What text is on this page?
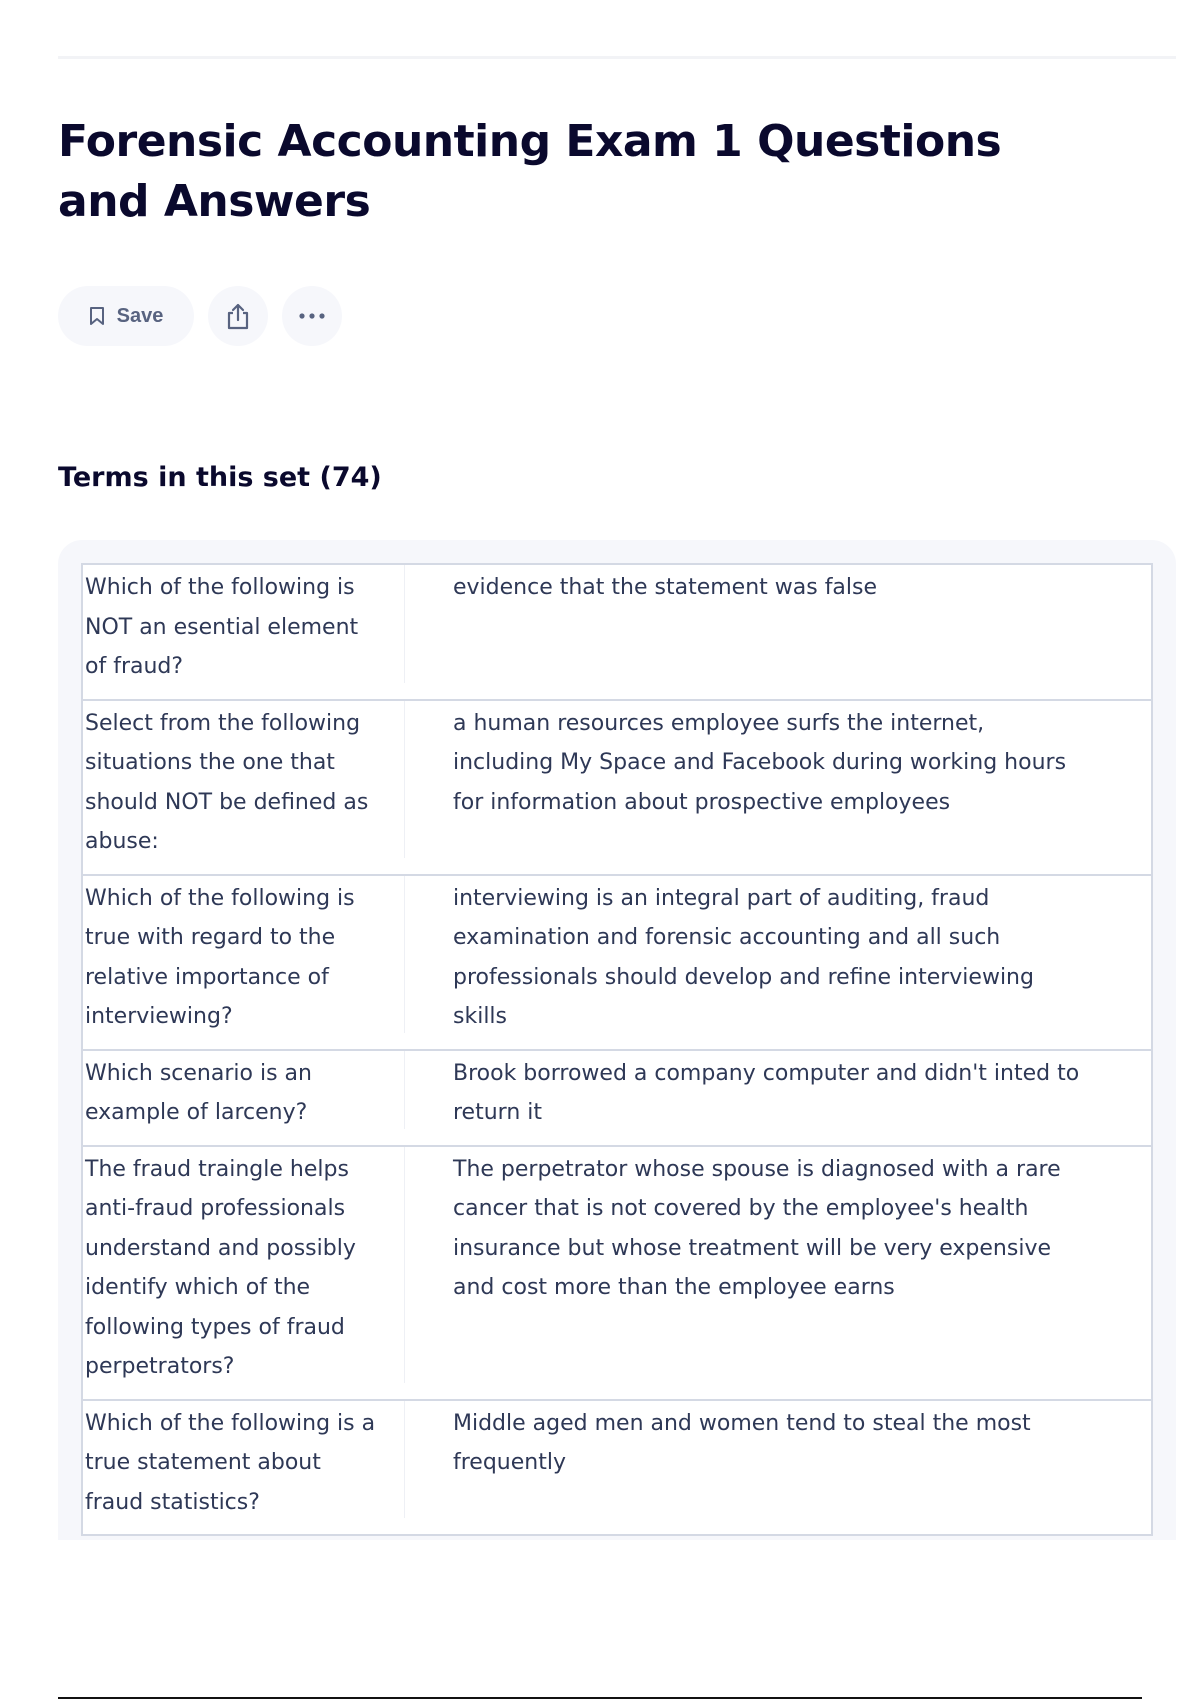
Forensic Accounting Exam 1 Questions and Answers
Save
Terms in this set (74)
Which of the following is NOT an esential element of fraud?	evidence that the statement was false
Select from the following situations the one that should NOT be defined as abuse:	a human resources employee surfs the internet, including My Space and Facebook during working hours for information about prospective employees
Which of the following is true with regard to the relative importance of interviewing?	interviewing is an integral part of auditing, fraud examination and forensic accounting and all such professionals should develop and refine interviewing skills
Which scenario is an example of larceny?	Brook borrowed a company computer and didn't inted to return it
The fraud traingle helps anti-fraud professionals understand and possibly identify which of the following types of fraud perpetrators?	The perpetrator whose spouse is diagnosed with a rare cancer that is not covered by the employee's health insurance but whose treatment will be very expensive and cost more than the employee earns
Which of the following is a true statement about fraud statistics?	Middle aged men and women tend to steal the most frequently
